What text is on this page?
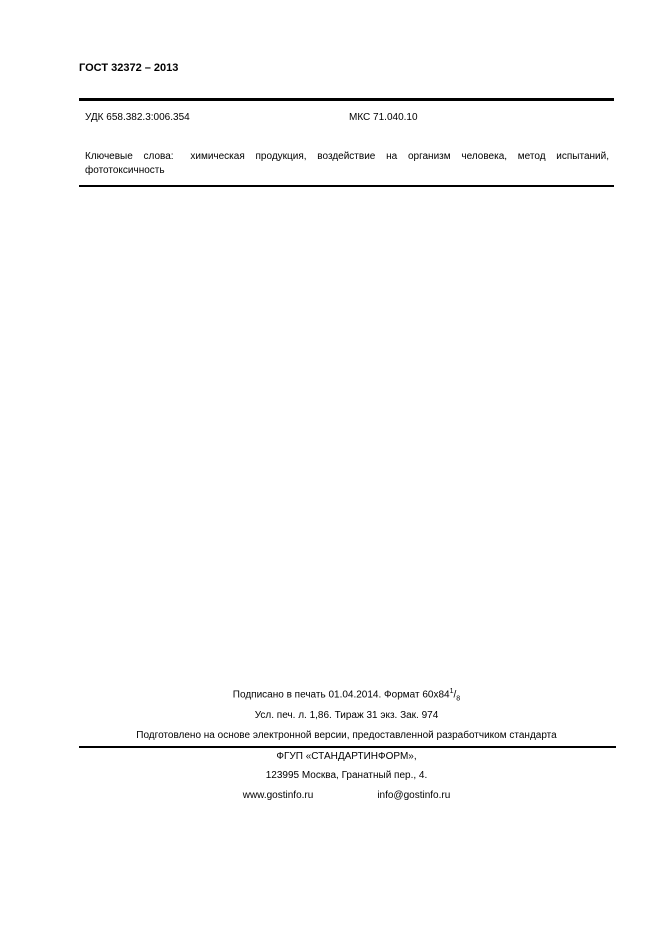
ГОСТ 32372 – 2013
УДК 658.382.3:006.354	МКС 71.040.10
Ключевые слова: химическая продукция, воздействие на организм человека, метод испытаний,
фототоксичность
Подписано в печать 01.04.2014. Формат $60x84^1/_8$
Усл. печ. л. 1,86. Тираж 31 экз. Зак. 974
Подготовлено на основе электронной версии, предоставленной разработчиком стандарта
ФГУП «СТАНДАРТИНФОРМ»,
123995 Москва, Гранатный пер., 4.
www.gostinfo.ru	info@gostinfo.ru
